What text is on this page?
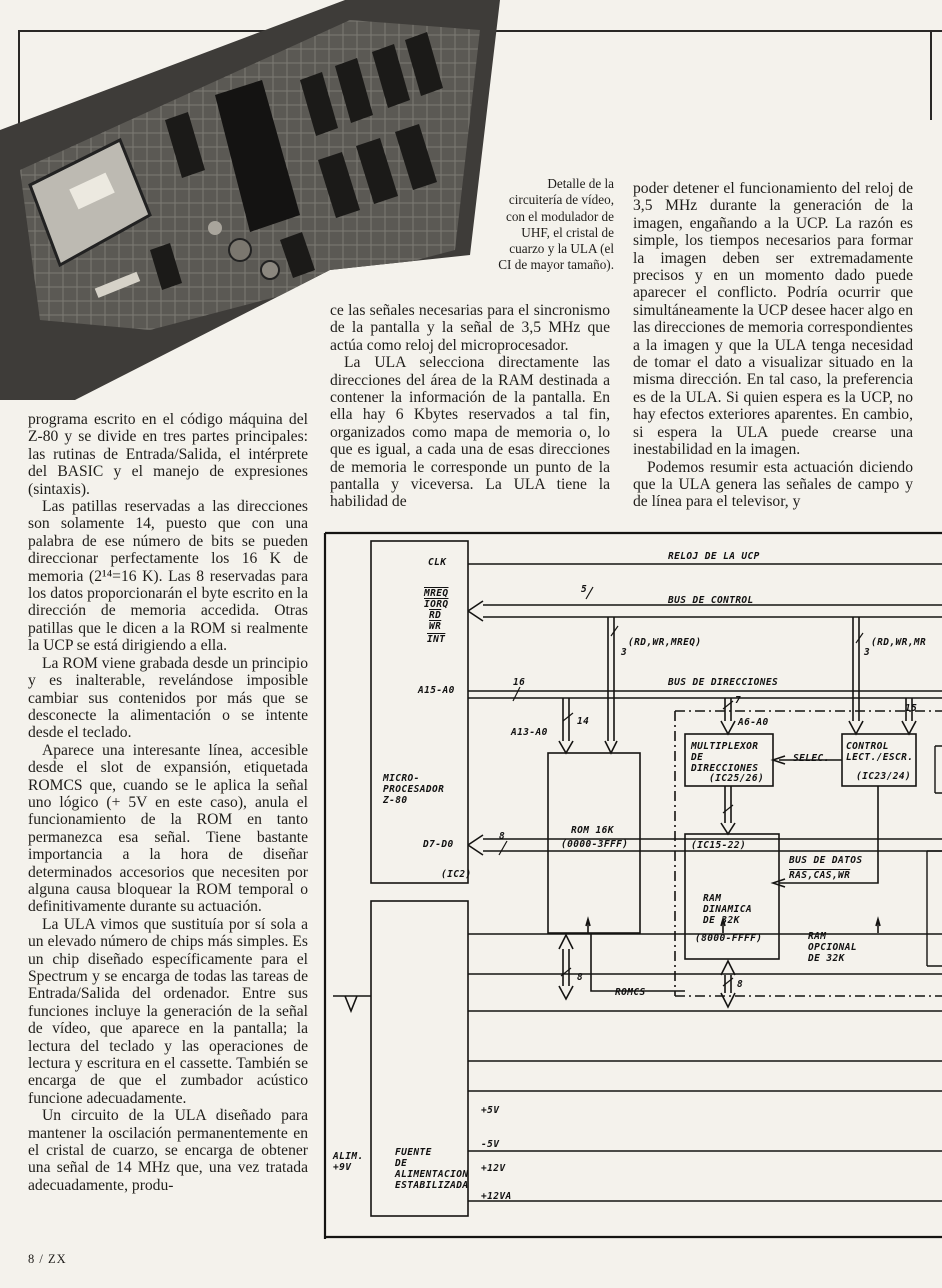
Detalle de la
circuitería de vídeo,
con el modulador de
UHF, el cristal de
cuarzo y la ULA (el
CI de mayor tamaño).

programa escrito en el código máquina del Z-80 y se divide en tres partes principales: las rutinas de Entrada/Salida, el intérprete del BASIC y el manejo de expresiones (sintaxis).

Las patillas reservadas a las direcciones son solamente 14, puesto que con una palabra de ese número de bits se pueden direccionar perfectamente los 16 K de memoria (2¹⁴=16 K). Las 8 reservadas para los datos proporcionarán el byte escrito en la dirección de memoria accedida. Otras patillas que le dicen a la ROM si realmente la UCP se está dirigiendo a ella.

La ROM viene grabada desde un principio y es inalterable, revelándose imposible cambiar sus contenidos por más que se desconecte la alimentación o se intente desde el teclado.

Aparece una interesante línea, accesible desde el slot de expansión, etiquetada ROMCS que, cuando se le aplica la señal uno lógico (+ 5V en este caso), anula el funcionamiento de la ROM en tanto permanezca esa señal. Tiene bastante importancia a la hora de diseñar determinados accesorios que necesiten por alguna causa bloquear la ROM temporal o definitivamente durante su actuación.

La ULA vimos que sustituía por sí sola a un elevado número de chips más simples. Es un chip diseñado específicamente para el Spectrum y se encarga de todas las tareas de Entrada/Salida del ordenador. Entre sus funciones incluye la generación de la señal de vídeo, que aparece en la pantalla; la lectura del teclado y las operaciones de lectura y escritura en el cassette. También se encarga de que el zumbador acústico funcione adecuadamente.

Un circuito de la ULA diseñado para mantener la oscilación permanentemente en el cristal de cuarzo, se encarga de obtener una señal de 14 MHz que, una vez tratada adecuadamente, produ-

ce las señales necesarias para el sincronismo de la pantalla y la señal de 3,5 MHz que actúa como reloj del microprocesador.

La ULA selecciona directamente las direcciones del área de la RAM destinada a contener la información de la pantalla. En ella hay 6 Kbytes reservados a tal fin, organizados como mapa de memoria o, lo que es igual, a cada una de esas direcciones de memoria le corresponde un punto de la pantalla y viceversa. La ULA tiene la habilidad de

poder detener el funcionamiento del reloj de 3,5 MHz durante la generación de la imagen, engañando a la UCP. La razón es simple, los tiempos necesarios para formar la imagen deben ser extremadamente precisos y en un momento dado puede aparecer el conflicto. Podría ocurrir que simultáneamente la UCP desee hacer algo en las direcciones de memoria correspondientes a la imagen y que la ULA tenga necesidad de tomar el dato a visualizar situado en la misma dirección. En tal caso, la preferencia es de la ULA. Si quien espera es la UCP, no hay efectos exteriores aparentes. En cambio, si espera la ULA puede crearse una inestabilidad en la imagen.

Podemos resumir esta actuación diciendo que la ULA genera las señales de campo y de línea para el televisor, y

8 / ZX
CLK
MREQ
IORQ
$\overline{RD}$
$\overline{WR}$
$\overline{INT}$
A15-A0
D7-D0
MICRO-
PROCESADOR
Z-80
(IC2)
RELOJ DE LA UCP
BUS DE CONTROL
BUS DE DIRECCIONES
BUS DE DATOS
(RD,WR,MREQ)	(RD,WR,MR
5
3	3
16
14
7
15
8
8
8
A13-A0
A6-A0
ROMCS
SELEC.
RAS,CAS,WR
(IC15-22)
ROM 16K
(0000-3FFF)
MULTIPLEXOR
DE
DIRECCIONES
(IC25/26)
CONTROL
LECT./ESCR.
(IC23/24)
RAM
DINAMICA
DE 32K
(8000-FFFF)	RAM
OPCIONAL
DE 32K
FUENTE
DE
ALIMENTACION
ESTABILIZADA
ALIM.
+9V
+5V
-5V
+12V
+12VA
